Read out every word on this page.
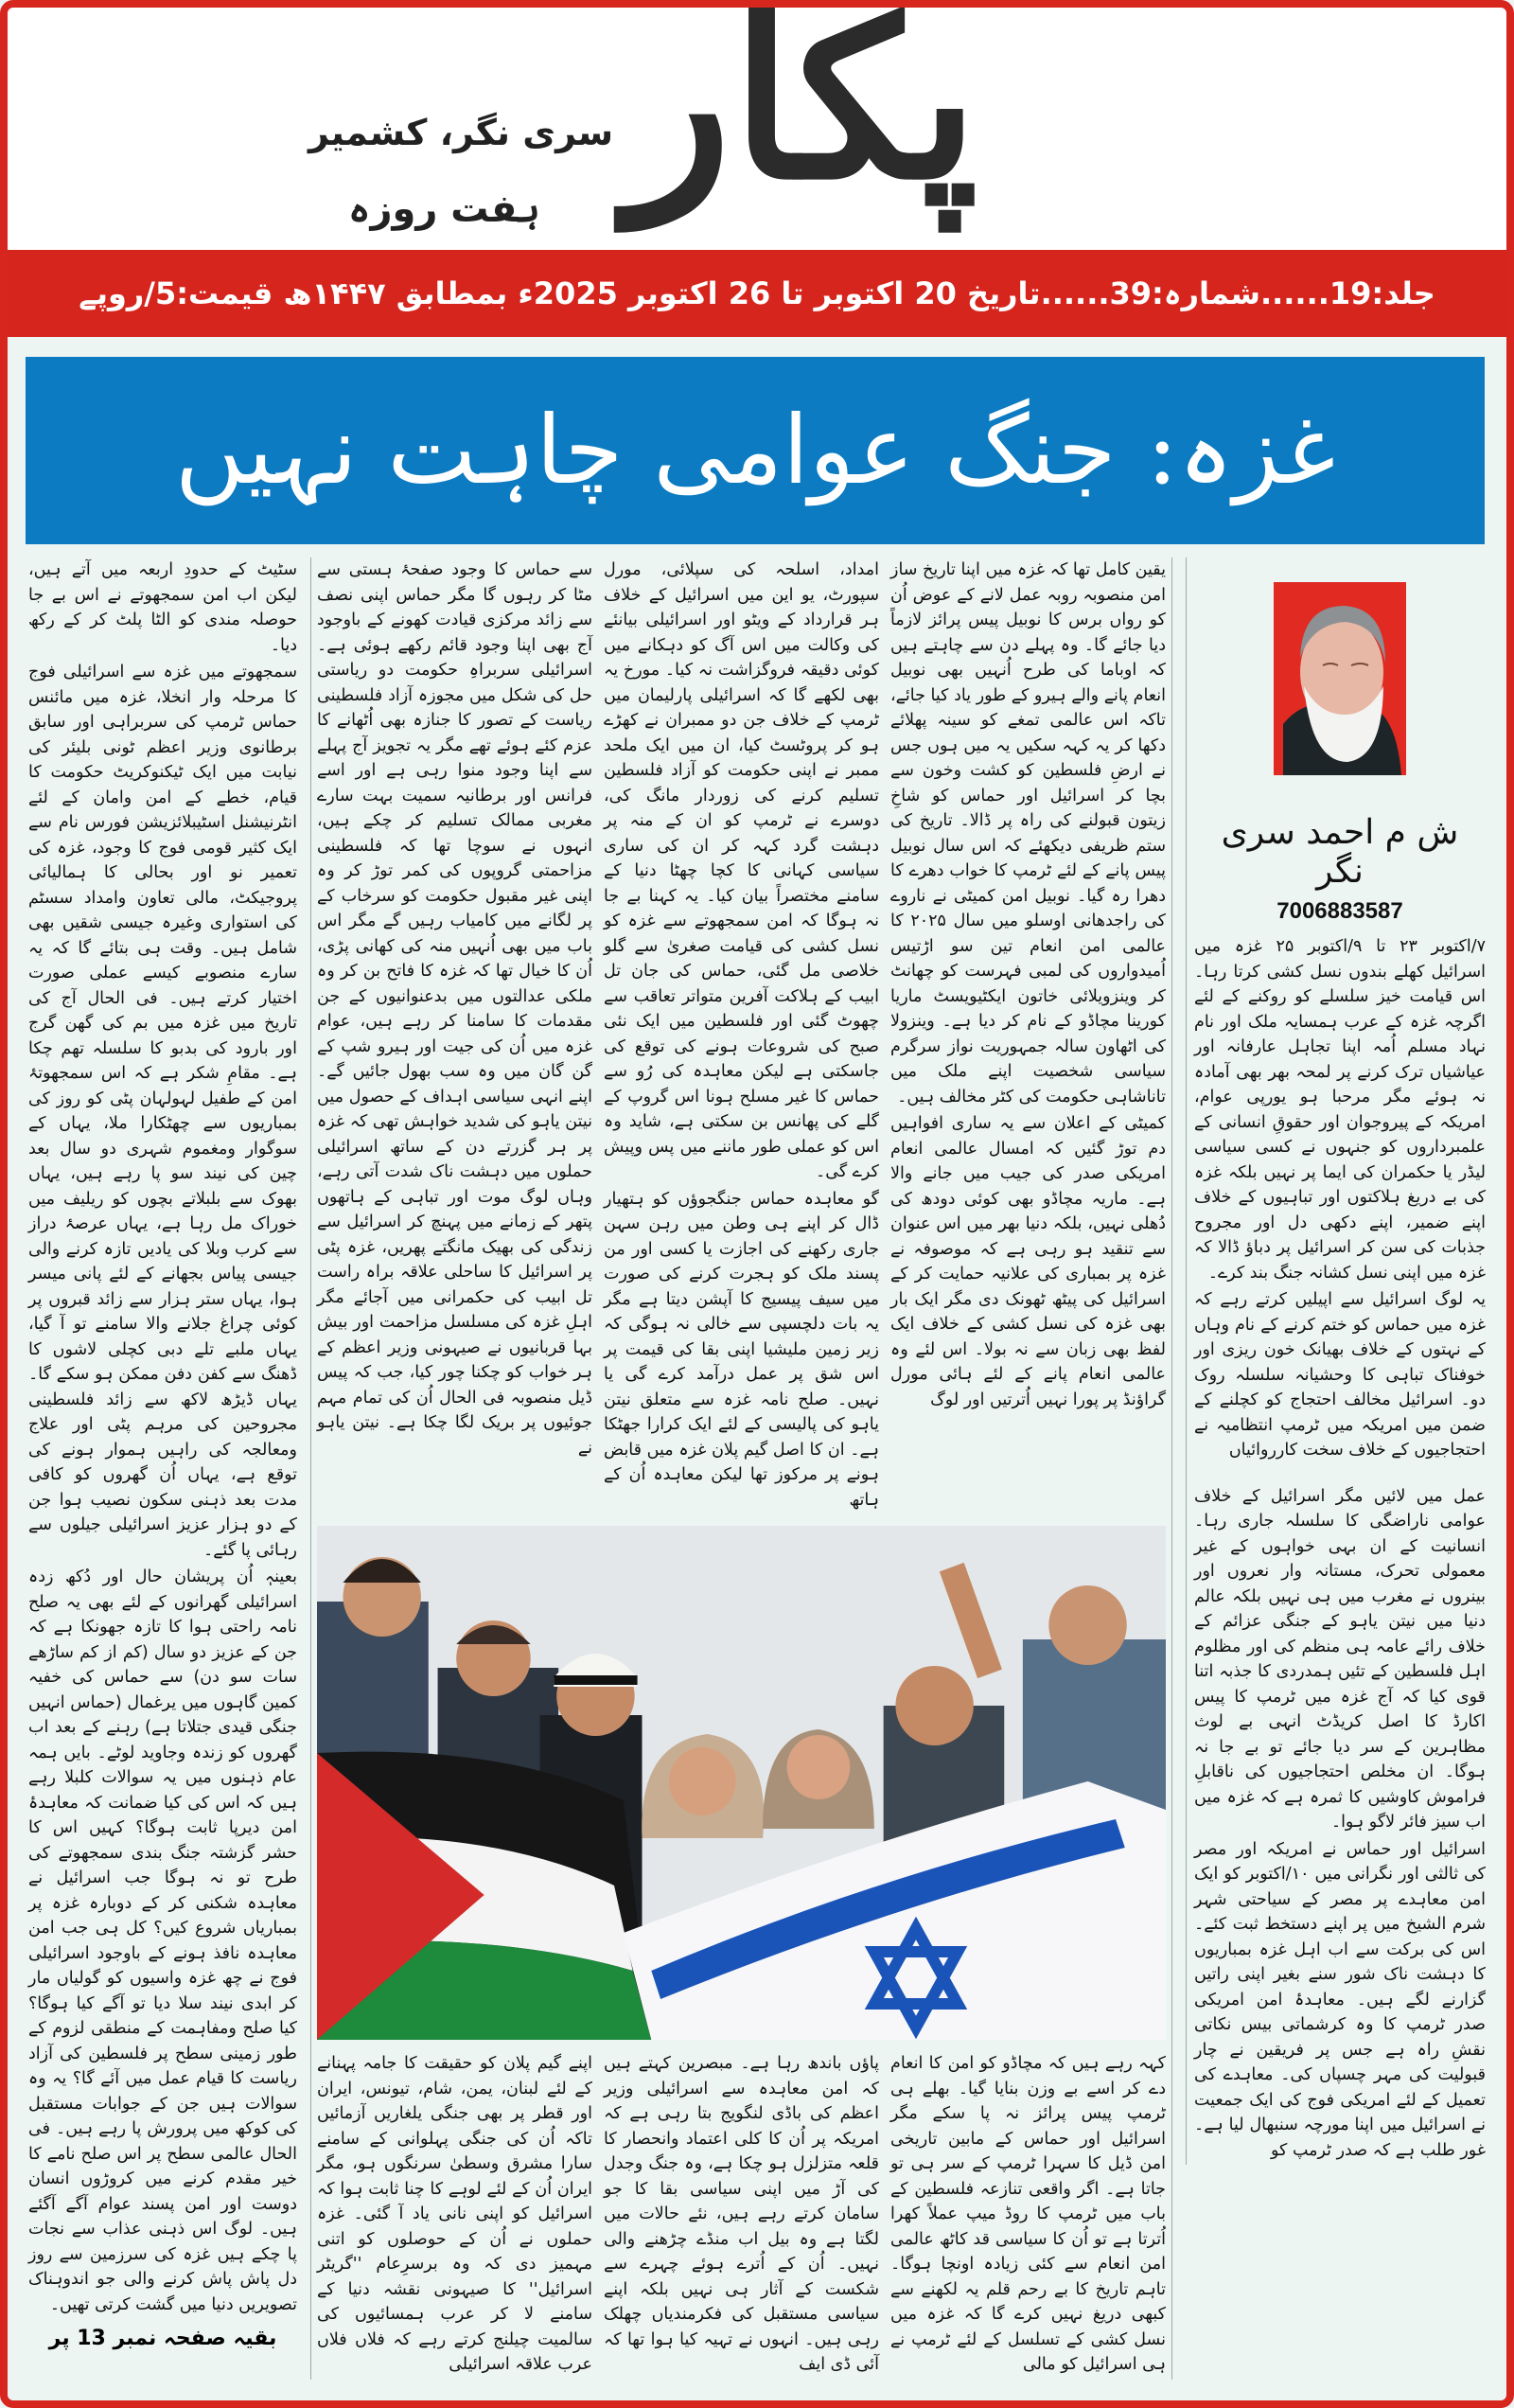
پکار
سری نگر، کشمیر
ہفت روزہ
جلد:19......شمارہ:39......تاریخ 20 اکتوبر تا 26 اکتوبر 2025ء بمطابق ۱۴۴۷ھ قیمت:5/روپے
غزہ: جنگ عوامی چاہت نہیں
ش م احمد سری نگر
7006883587

۷/اکتوبر ۲۳ تا ۹/اکتوبر ۲۵ غزہ میں اسرائیل کھلے بندوں نسل کشی کرتا رہا۔ اس قیامت خیز سلسلے کو روکنے کے لئے اگرچہ غزہ کے عرب ہمسایہ ملک اور نام نہاد مسلم اُمہ اپنا تجاہل عارفانہ اور عیاشیاں ترک کرنے پر لمحہ بھر بھی آمادہ نہ ہوئے مگر مرحبا ہو یورپی عوام، امریکہ کے پیروجوان اور حقوقِ انسانی کے علمبرداروں کو جنہوں نے کسی سیاسی لیڈر یا حکمران کی ایما پر نہیں بلکہ غزہ کی بے دریغ ہلاکتوں اور تباہیوں کے خلاف اپنے ضمیر، اپنے دکھی دل اور مجروح جذبات کی سن کر اسرائیل پر دباؤ ڈالا کہ غزہ میں اپنی نسل کشانہ جنگ بند کرے۔

یہ لوگ اسرائیل سے اپیلیں کرتے رہے کہ غزہ میں حماس کو ختم کرنے کے نام وہاں کے نہتوں کے خلاف بھیانک خون ریزی اور خوفناک تباہی کا وحشیانہ سلسلہ روک دو۔ اسرائیل مخالف احتجاج کو کچلنے کے ضمن میں امریکہ میں ٹرمپ انتظامیہ نے احتجاجیوں کے خلاف سخت کارروائیاں

عمل میں لائیں مگر اسرائیل کے خلاف عوامی ناراضگی کا سلسلہ جاری رہا۔ انسانیت کے ان بہی خواہوں کے غیر معمولی تحرک، مستانہ وار نعروں اور بینروں نے مغرب میں ہی نہیں بلکہ عالم دنیا میں نیتن یاہو کے جنگی عزائم کے خلاف رائے عامہ ہی منظم کی اور مظلوم اہل فلسطین کے تئیں ہمدردی کا جذبہ اتنا قوی کیا کہ آج غزہ میں ٹرمپ کا پیس اکارڈ کا اصل کریڈٹ انہی بے لوث مظاہرین کے سر دیا جائے تو بے جا نہ ہوگا۔ ان مخلص احتجاجیوں کی ناقابلِ فراموش کاوشیں کا ثمرہ ہے کہ غزہ میں اب سیز فائر لاگو ہوا۔

اسرائیل اور حماس نے امریکہ اور مصر کی ثالثی اور نگرانی میں ۱۰/اکتوبر کو ایک امن معاہدے پر مصر کے سیاحتی شہر شرم الشیخ میں پر اپنے دستخط ثبت کئے۔ اس کی برکت سے اب اہل غزہ بمباریوں کا دہشت ناک شور سنے بغیر اپنی راتیں گزارنے لگے ہیں۔ معاہدۂ امن امریکی صدر ٹرمپ کا وہ کرشماتی بیس نکاتی نقشِ راہ ہے جس پر فریقین نے چار قبولیت کی مہر چسپاں کی۔ معاہدے کی تعمیل کے لئے امریکی فوج کی ایک جمعیت نے اسرائیل میں اپنا مورچہ سنبھال لیا ہے۔ غور طلب ہے کہ صدر ٹرمپ کو

یقین کامل تھا کہ غزہ میں اپنا تاریخ ساز امن منصوبہ روبہ عمل لانے کے عوض اُن کو رواں برس کا نوبیل پیس پرائز لازماً دیا جائے گا۔ وہ پہلے دن سے چاہتے ہیں کہ اوباما کی طرح اُنہیں بھی نوبیل انعام پانے والے ہیرو کے طور یاد کیا جائے، تاکہ اس عالمی تمغے کو سینہ پھلائے دکھا کر یہ کہہ سکیں یہ میں ہوں جس نے ارضِ فلسطین کو کشت وخون سے بچا کر اسرائیل اور حماس کو شاخِ زیتون قبولنے کی راہ پر ڈالا۔ تاریخ کی ستم ظریفی دیکھئے کہ اس سال نوبیل پیس پانے کے لئے ٹرمپ کا خواب دھرے کا دھرا رہ گیا۔ نوبیل امن کمیٹی نے ناروے کی راجدھانی اوسلو میں سال ۲۰۲۵ کا عالمی امن انعام تین سو اڑتیس اُمیدواروں کی لمبی فہرست کو چھانٹ کر وینزویلائی خاتون ایکٹیویسٹ ماریا کورینا مچاڈو کے نام کر دیا ہے۔ وینزولا کی اٹھاون سالہ جمہوریت نواز سرگرم سیاسی شخصیت اپنے ملک میں تاناشاہی حکومت کی کٹر مخالف ہیں۔

کمیٹی کے اعلان سے یہ ساری افواہیں دم توڑ گئیں کہ امسال عالمی انعام امریکی صدر کی جیب میں جانے والا ہے۔ ماریہ مچاڈو بھی کوئی دودھ کی دُھلی نہیں، بلکہ دنیا بھر میں اس عنوان سے تنقید ہو رہی ہے کہ موصوفہ نے غزہ پر بمباری کی علانیہ حمایت کر کے اسرائیل کی پیٹھ ٹھونک دی مگر ایک بار بھی غزہ کی نسل کشی کے خلاف ایک لفظ بھی زبان سے نہ بولا۔ اس لئے وہ عالمی انعام پانے کے لئے ہائی مورل گراؤنڈ پر پورا نہیں اُترتیں اور لوگ

امداد، اسلحہ کی سپلائی، مورل سپورٹ، یو این میں اسرائیل کے خلاف ہر قرارداد کے ویٹو اور اسرائیلی بیانئے کی وکالت میں اس آگ کو دہکانے میں کوئی دقیقہ فروگزاشت نہ کیا۔ مورخ یہ بھی لکھے گا کہ اسرائیلی پارلیمان میں ٹرمپ کے خلاف جن دو ممبران نے کھڑے ہو کر پروٹسٹ کیا، ان میں ایک ملحد ممبر نے اپنی حکومت کو آزاد فلسطین تسلیم کرنے کی زوردار مانگ کی، دوسرے نے ٹرمپ کو ان کے منہ پر دہشت گرد کہہ کر ان کی ساری سیاسی کہانی کا کچا چھٹا دنیا کے سامنے مختصراً بیان کیا۔ یہ کہنا بے جا نہ ہوگا کہ امن سمجھوتے سے غزہ کو نسل کشی کی قیامت صغریٰ سے گلو خلاصی مل گئی، حماس کی جان تل ابیب کے ہلاکت آفرین متواتر تعاقب سے چھوٹ گئی اور فلسطین میں ایک نئی صبح کی شروعات ہونے کی توقع کی جاسکتی ہے لیکن معاہدہ کی رُو سے حماس کا غیر مسلح ہونا اس گروپ کے گلے کی پھانس بن سکتی ہے، شاید وہ اس کو عملی طور ماننے میں پس وپیش کرے گی۔

گو معاہدہ حماس جنگجوؤں کو ہتھیار ڈال کر اپنے ہی وطن میں رہن سہن جاری رکھنے کی اجازت یا کسی اور من پسند ملک کو ہجرت کرنے کی صورت میں سیف پیسیج کا آپشن دیتا ہے مگر یہ بات دلچسپی سے خالی نہ ہوگی کہ زیر زمین ملیشیا اپنی بقا کی قیمت پر اس شق پر عمل درآمد کرے گی یا نہیں۔ صلح نامہ غزہ سے متعلق نیتن یاہو کی پالیسی کے لئے ایک کرارا جھٹکا ہے۔ ان کا اصل گیم پلان غزہ میں قابض ہونے پر مرکوز تھا لیکن معاہدہ اُن کے ہاتھ

سے حماس کا وجود صفحۂ ہستی سے مٹا کر رہوں گا مگر حماس اپنی نصف سے زائد مرکزی قیادت کھونے کے باوجود آج بھی اپنا وجود قائم رکھے ہوئی ہے۔ اسرائیلی سربراہِ حکومت دو ریاستی حل کی شکل میں مجوزہ آزاد فلسطینی ریاست کے تصور کا جنازہ بھی اُٹھانے کا عزم کئے ہوئے تھے مگر یہ تجویز آج پہلے سے اپنا وجود منوا رہی ہے اور اسے فرانس اور برطانیہ سمیت بہت سارے مغربی ممالک تسلیم کر چکے ہیں، انہوں نے سوچا تھا کہ فلسطینی مزاحمتی گروپوں کی کمر توڑ کر وہ اپنی غیر مقبول حکومت کو سرخاب کے پر لگانے میں کامیاب رہیں گے مگر اس باب میں بھی اُنہیں منہ کی کھانی پڑی، اُن کا خیال تھا کہ غزہ کا فاتح بن کر وہ ملکی عدالتوں میں بدعنوانیوں کے جن مقدمات کا سامنا کر رہے ہیں، عوام غزہ میں اُن کی جیت اور ہیرو شپ کے گن گان میں وہ سب بھول جائیں گے۔ اپنے انہی سیاسی اہداف کے حصول میں نیتن یاہو کی شدید خواہش تھی کہ غزہ پر ہر گزرتے دن کے ساتھ اسرائیلی حملوں میں دہشت ناک شدت آتی رہے، وہاں لوگ موت اور تباہی کے ہاتھوں پتھر کے زمانے میں پہنچ کر اسرائیل سے زندگی کی بھیک مانگتے پھریں، غزہ پٹی پر اسرائیل کا ساحلی علاقہ براہ راست تل ابیب کی حکمرانی میں آجائے مگر اہلِ غزہ کی مسلسل مزاحمت اور بیش بہا قربانیوں نے صیہونی وزیر اعظم کے ہر خواب کو چکنا چور کیا، جب کہ پیس ڈیل منصوبہ فی الحال اُن کی تمام مہم جوئیوں پر بریک لگا چکا ہے۔ نیتن یاہو نے

کہہ رہے ہیں کہ مچاڈو کو امن کا انعام دے کر اسے بے وزن بنایا گیا۔ بھلے ہی ٹرمپ پیس پرائز نہ پا سکے مگر اسرائیل اور حماس کے مابین تاریخی امن ڈیل کا سہرا ٹرمپ کے سر ہی تو جاتا ہے۔ اگر واقعی تنازعہ فلسطین کے باب میں ٹرمپ کا روڈ میپ عملاً کھرا اُترتا ہے تو اُن کا سیاسی قد کاٹھ عالمی امن انعام سے کئی زیادہ اونچا ہوگا۔ تاہم تاریخ کا بے رحم قلم یہ لکھنے سے کبھی دریغ نہیں کرے گا کہ غزہ میں نسل کشی کے تسلسل کے لئے ٹرمپ نے ہی اسرائیل کو مالی

پاؤں باندھ رہا ہے۔ مبصرین کہتے ہیں کہ امن معاہدہ سے اسرائیلی وزیر اعظم کی باڈی لنگویج بتا رہی ہے کہ امریکہ پر اُن کا کلی اعتماد وانحصار کا قلعہ متزلزل ہو چکا ہے، وہ جنگ وجدل کی آڑ میں اپنی سیاسی بقا کا جو سامان کرتے رہے ہیں، نئے حالات میں لگتا ہے وہ بیل اب منڈے چڑھنے والی نہیں۔ اُن کے اُترے ہوئے چہرے سے شکست کے آثار ہی نہیں بلکہ اپنے سیاسی مستقبل کی فکرمندیاں چھلک رہی ہیں۔ انہوں نے تہیہ کیا ہوا تھا کہ آئی ڈی ایف

اپنے گیم پلان کو حقیقت کا جامہ پہنانے کے لئے لبنان، یمن، شام، تیونس، ایران اور قطر پر بھی جنگی یلغاریں آزمائیں تاکہ اُن کی جنگی پہلوانی کے سامنے سارا مشرق وسطیٰ سرنگوں ہو، مگر ایران اُن کے لئے لوہے کا چنا ثابت ہوا کہ اسرائیل کو اپنی نانی یاد آ گئی۔ غزہ حملوں نے اُن کے حوصلوں کو اتنی مہمیز دی کہ وہ برسرِعام ''گریٹر اسرائیل'' کا صیہونی نقشہ دنیا کے سامنے لا کر عرب ہمسائیوں کی سالمیت چیلنج کرتے رہے کہ فلاں فلاں عرب علاقہ اسرائیلی

سٹیٹ کے حدودِ اربعہ میں آتے ہیں، لیکن اب امن سمجھوتے نے اس بے جا حوصلہ مندی کو الٹا پلٹ کر کے رکھ دیا۔

سمجھوتے میں غزہ سے اسرائیلی فوج کا مرحلہ وار انخلا، غزہ میں مائنس حماس ٹرمپ کی سربراہی اور سابق برطانوی وزیر اعظم ٹونی بلیئر کی نیابت میں ایک ٹیکنوکریٹ حکومت کا قیام، خطے کے امن وامان کے لئے انٹرنیشنل اسٹیبلائزیشن فورس نام سے ایک کثیر قومی فوج کا وجود، غزہ کی تعمیر نو اور بحالی کا ہمالیائی پروجیکٹ، مالی تعاون وامداد سسٹم کی استواری وغیرہ جیسی شقیں بھی شامل ہیں۔ وقت ہی بتائے گا کہ یہ سارے منصوبے کیسے عملی صورت اختیار کرتے ہیں۔ فی الحال آج کی تاریخ میں غزہ میں بم کی گھن گرج اور بارود کی بدبو کا سلسلہ تھم چکا ہے۔ مقامِ شکر ہے کہ اس سمجھوتۂ امن کے طفیل لہولہان پٹی کو روز کی بمباریوں سے چھٹکارا ملا، یہاں کے سوگوار ومغموم شہری دو سال بعد چین کی نیند سو پا رہے ہیں، یہاں بھوک سے بلبلاتے بچوں کو ریلیف میں خوراک مل رہا ہے، یہاں عرصۂ دراز سے کرب وبلا کی یادیں تازہ کرنے والی جیسی پیاس بجھانے کے لئے پانی میسر ہوا، یہاں ستر ہزار سے زائد قبروں پر کوئی چراغ جلانے والا سامنے تو آ گیا، یہاں ملبے تلے دبی کچلی لاشوں کا ڈھنگ سے کفن دفن ممکن ہو سکے گا۔ یہاں ڈیڑھ لاکھ سے زائد فلسطینی مجروحین کی مرہم پٹی اور علاج ومعالجہ کی راہیں ہموار ہونے کی توقع ہے، یہاں اُن گھروں کو کافی مدت بعد ذہنی سکون نصیب ہوا جن کے دو ہزار عزیز اسرائیلی جیلوں سے رہائی پا گئے۔

بعینہٖ اُن پریشان حال اور دُکھ زدہ اسرائیلی گھرانوں کے لئے بھی یہ صلح نامہ راحتی ہوا کا تازہ جھونکا ہے کہ جن کے عزیز دو سال (کم از کم ساڑھے سات سو دن) سے حماس کی خفیہ کمین گاہوں میں یرغمال (حماس انہیں جنگی قیدی جتلاتا ہے) رہنے کے بعد اب گھروں کو زندہ وجاوید لوٹے۔ بایں ہمہ عام ذہنوں میں یہ سوالات کلبلا رہے ہیں کہ اس کی کیا ضمانت کہ معاہدۂ امن دیرپا ثابت ہوگا؟ کہیں اس کا حشر گزشتہ جنگ بندی سمجھوتے کی طرح تو نہ ہوگا جب اسرائیل نے معاہدہ شکنی کر کے دوبارہ غزہ پر بمباریاں شروع کیں؟ کل ہی جب امن معاہدہ نافذ ہونے کے باوجود اسرائیلی فوج نے چھ غزہ واسیوں کو گولیاں مار کر ابدی نیند سلا دیا تو آگے کیا ہوگا؟ کیا صلح ومفاہمت کے منطقی لزوم کے طور زمینی سطح پر فلسطین کی آزاد ریاست کا قیام عمل میں آئے گا؟ یہ وہ سوالات ہیں جن کے جوابات مستقبل کی کوکھ میں پرورش پا رہے ہیں۔ فی الحال عالمی سطح پر اس صلح نامے کا خیر مقدم کرنے میں کروڑوں انسان دوست اور امن پسند عوام آگے آگئے ہیں۔ لوگ اس ذہنی عذاب سے نجات پا چکے ہیں غزہ کی سرزمین سے روز دل پاش پاش کرنے والی جو اندوہناک تصویریں دنیا میں گشت کرتی تھیں۔

بقیہ صفحہ نمبر 13 پر
